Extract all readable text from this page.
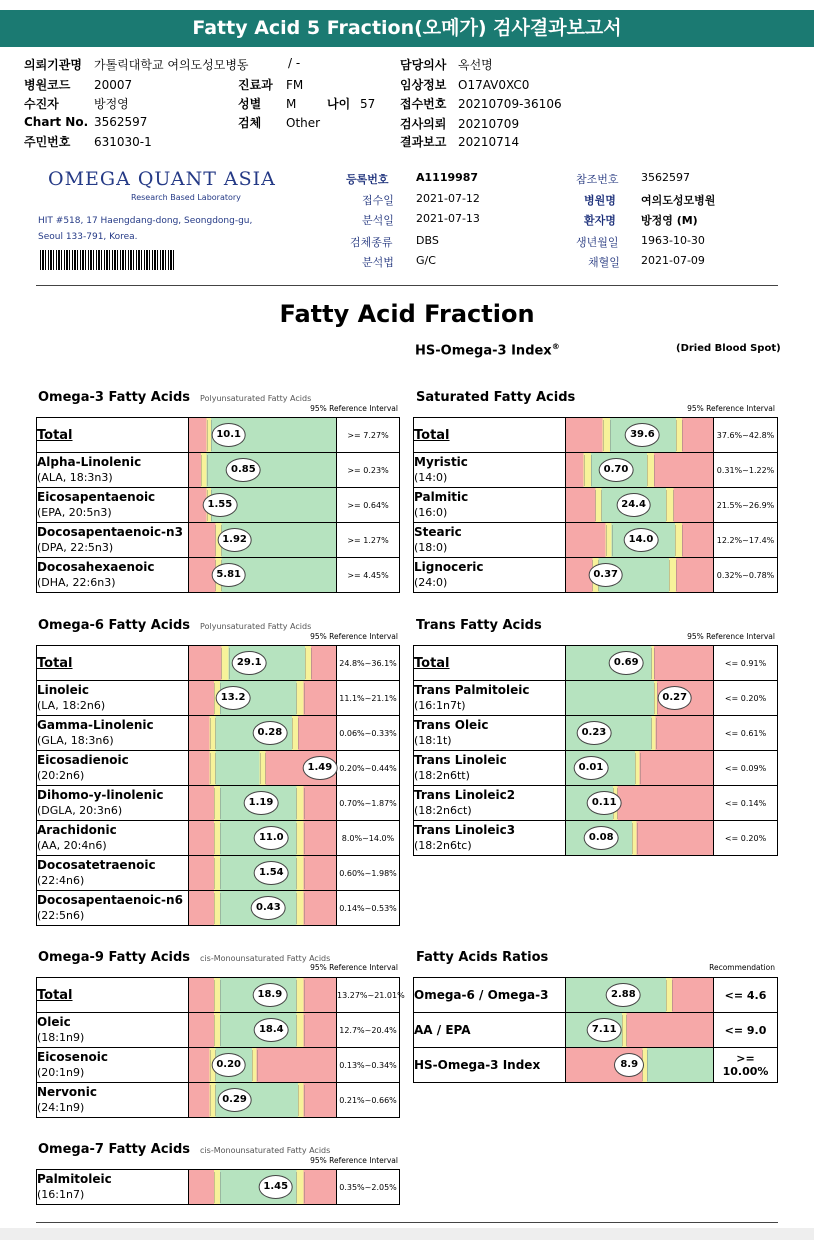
Fatty Acid 5 Fraction(오메가) 검사결과보고서
의뢰기관명 가톨릭대학교 여의도성모병동	/ -	담당의사 옥선명
병원코드 20007	진료과 FM	임상정보 O17AV0XC0
수진자	방정영	성별 M	나이 57 접수번호 20210709-36106
Chart No. 3562597	검체 Other	검사의뢰 20210709
주민번호 631030-1	결과보고 20210714
OMEGA QUANT ASIA
Research Based Laboratory
HIT #518, 17 Haengdang-dong, Seongdong-gu,
Seoul 133-791, Korea.
등록번호 A1119987	참조번호 3562597
접수일 2021-07-12	병원명 여의도성모병원
분석일 2021-07-13	환자명 방정영 (M)
검체종류 DBS	생년월일 1963-10-30
분석법 G/C	채혈일 2021-07-09
Fatty Acid Fraction
HS-Omega-3 Index®	(Dried Blood Spot)
Omega-3 Fatty Acids Polyunsaturated Fatty Acids
95% Reference Interval
Total	10.1	>= 7.27%
Alpha-Linolenic
(ALA, 18:3n3)	0.85	>= 0.23%
Eicosapentaenoic
(EPA, 20:5n3)	1.55	>= 0.64%
Docosapentaenoic-n3
(DPA, 22:5n3)	1.92	>= 1.27%
Docosahexaenoic
(DHA, 22:6n3)	5.81	>= 4.45%
Saturated Fatty Acids
95% Reference Interval
Total	39.6	37.6%~42.8%
Myristic
(14:0)	0.70	0.31%~1.22%
Palmitic
(16:0)	24.4	21.5%~26.9%
Stearic
(18:0)	14.0	12.2%~17.4%
Lignoceric
(24:0)	0.37	0.32%~0.78%
Omega-6 Fatty Acids Polyunsaturated Fatty Acids
95% Reference Interval
Total	29.1	24.8%~36.1%
Linoleic
(LA, 18:2n6)	13.2	11.1%~21.1%
Gamma-Linolenic
(GLA, 18:3n6)	0.28	0.06%~0.33%
Eicosadienoic
(20:2n6)	1.49	0.20%~0.44%
Dihomo-y-linolenic
(DGLA, 20:3n6)	1.19	0.70%~1.87%
Arachidonic
(AA, 20:4n6)	11.0	8.0%~14.0%
Docosatetraenoic
(22:4n6)	1.54	0.60%~1.98%
Docosapentaenoic-n6
(22:5n6)	0.43	0.14%~0.53%
Trans Fatty Acids
95% Reference Interval
Total	0.69	<= 0.91%
Trans Palmitoleic
(16:1n7t)	0.27	<= 0.20%
Trans Oleic
(18:1t)	0.23	<= 0.61%
Trans Linoleic
(18:2n6tt)	0.01	<= 0.09%
Trans Linoleic2
(18:2n6ct)	0.11	<= 0.14%
Trans Linoleic3
(18:2n6tc)	0.08	<= 0.20%
Omega-9 Fatty Acids cis-Monounsaturated Fatty Acids
95% Reference Interval
Total	18.9	13.27%~21.01%
Oleic
(18:1n9)	18.4	12.7%~20.4%
Eicosenoic
(20:1n9)	0.20	0.13%~0.34%
Nervonic
(24:1n9)	0.29	0.21%~0.66%
Fatty Acids Ratios
Recommendation
Omega-6 / Omega-3	2.88	<= 4.6
AA / EPA	7.11	<= 9.0
HS-Omega-3 Index	8.9	>= 10.00%
Omega-7 Fatty Acids cis-Monounsaturated Fatty Acids
95% Reference Interval
Palmitoleic
(16:1n7)

1.45	0.35%~2.05%
